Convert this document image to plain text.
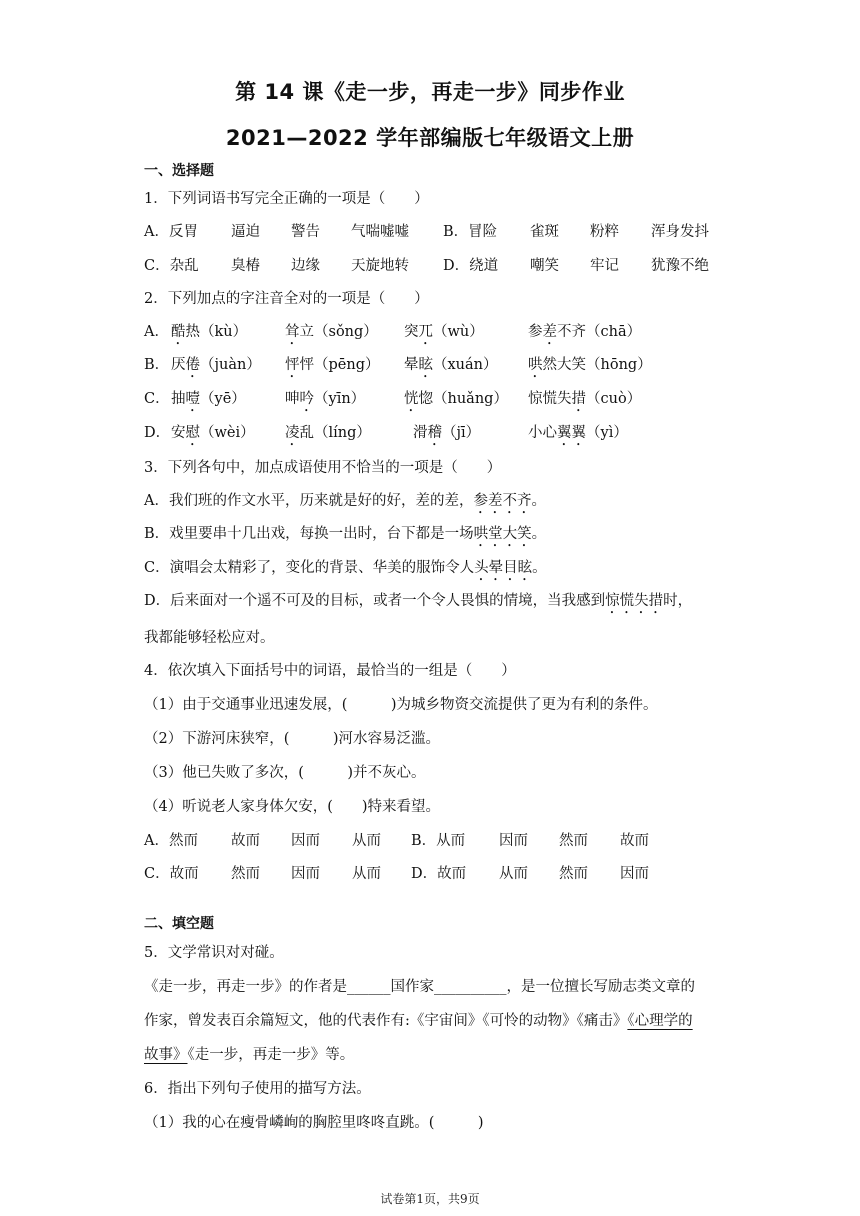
第 14 课《走一步，再走一步》同步作业
2021—2022 学年部编版七年级语文上册
一、选择题
1．下列词语书写完全正确的一项是（　　）
A．反胃 逼迫 警告 气喘嘘嘘 B．冒险 雀斑 粉粹 浑身发抖
C．杂乱 臭椿 边缘 天旋地转 D．绕道 嘲笑 牢记 犹豫不绝
2．下列加点的字注音全对的一项是（　　）
A． 酷热（kù）	耸立（sǒng） 突兀（wù）	参差不齐（chā）
B． 厌倦（juàn） 怦怦（pēng） 晕眩（xuán） 哄然大笑（hōng）
C． 抽噎（yē）	呻吟（yīn）	恍惚（huǎng） 惊慌失措（cuò）
D． 安慰（wèi） 凌乱（líng）	滑稽（jī）	小心翼翼（yì）
3．下列各句中，加点成语使用不恰当的一项是（　　）
A．我们班的作文水平，历来就是好的好，差的差，参差不齐。
B．戏里要串十几出戏，每换一出时，台下都是一场哄堂大笑。
C．演唱会太精彩了，变化的背景、华美的服饰令人头晕目眩。
D．后来面对一个遥不可及的目标，或者一个令人畏惧的情境，当我感到惊慌失措时，
我都能够轻松应对。
4．依次填入下面括号中的词语，最恰当的一组是（　　）
（1）由于交通事业迅速发展，(　　　)为城乡物资交流提供了更为有利的条件。
（2）下游河床狭窄，(　　　)河水容易泛滥。
（3）他已失败了多次，(　　　)并不灰心。
（4）听说老人家身体欠安，(　　)特来看望。
A．然而 故而 因而 从而 B．从而 因而 然而 故而
C．故而 然而 因而 从而 D．故而 从而 然而 因而
二、填空题
5．文学常识对对碰。
《走一步，再走一步》的作者是______国作家__________，是一位擅长写励志类文章的
作家，曾发表百余篇短文，他的代表作有:《宇宙间》《可怜的动物》《痛击》《心理学的
故事》《走一步，再走一步》等。
6．指出下列句子使用的描写方法。
（1）我的心在瘦骨嶙峋的胸腔里咚咚直跳。(　　　)
试卷第1页，共9页
